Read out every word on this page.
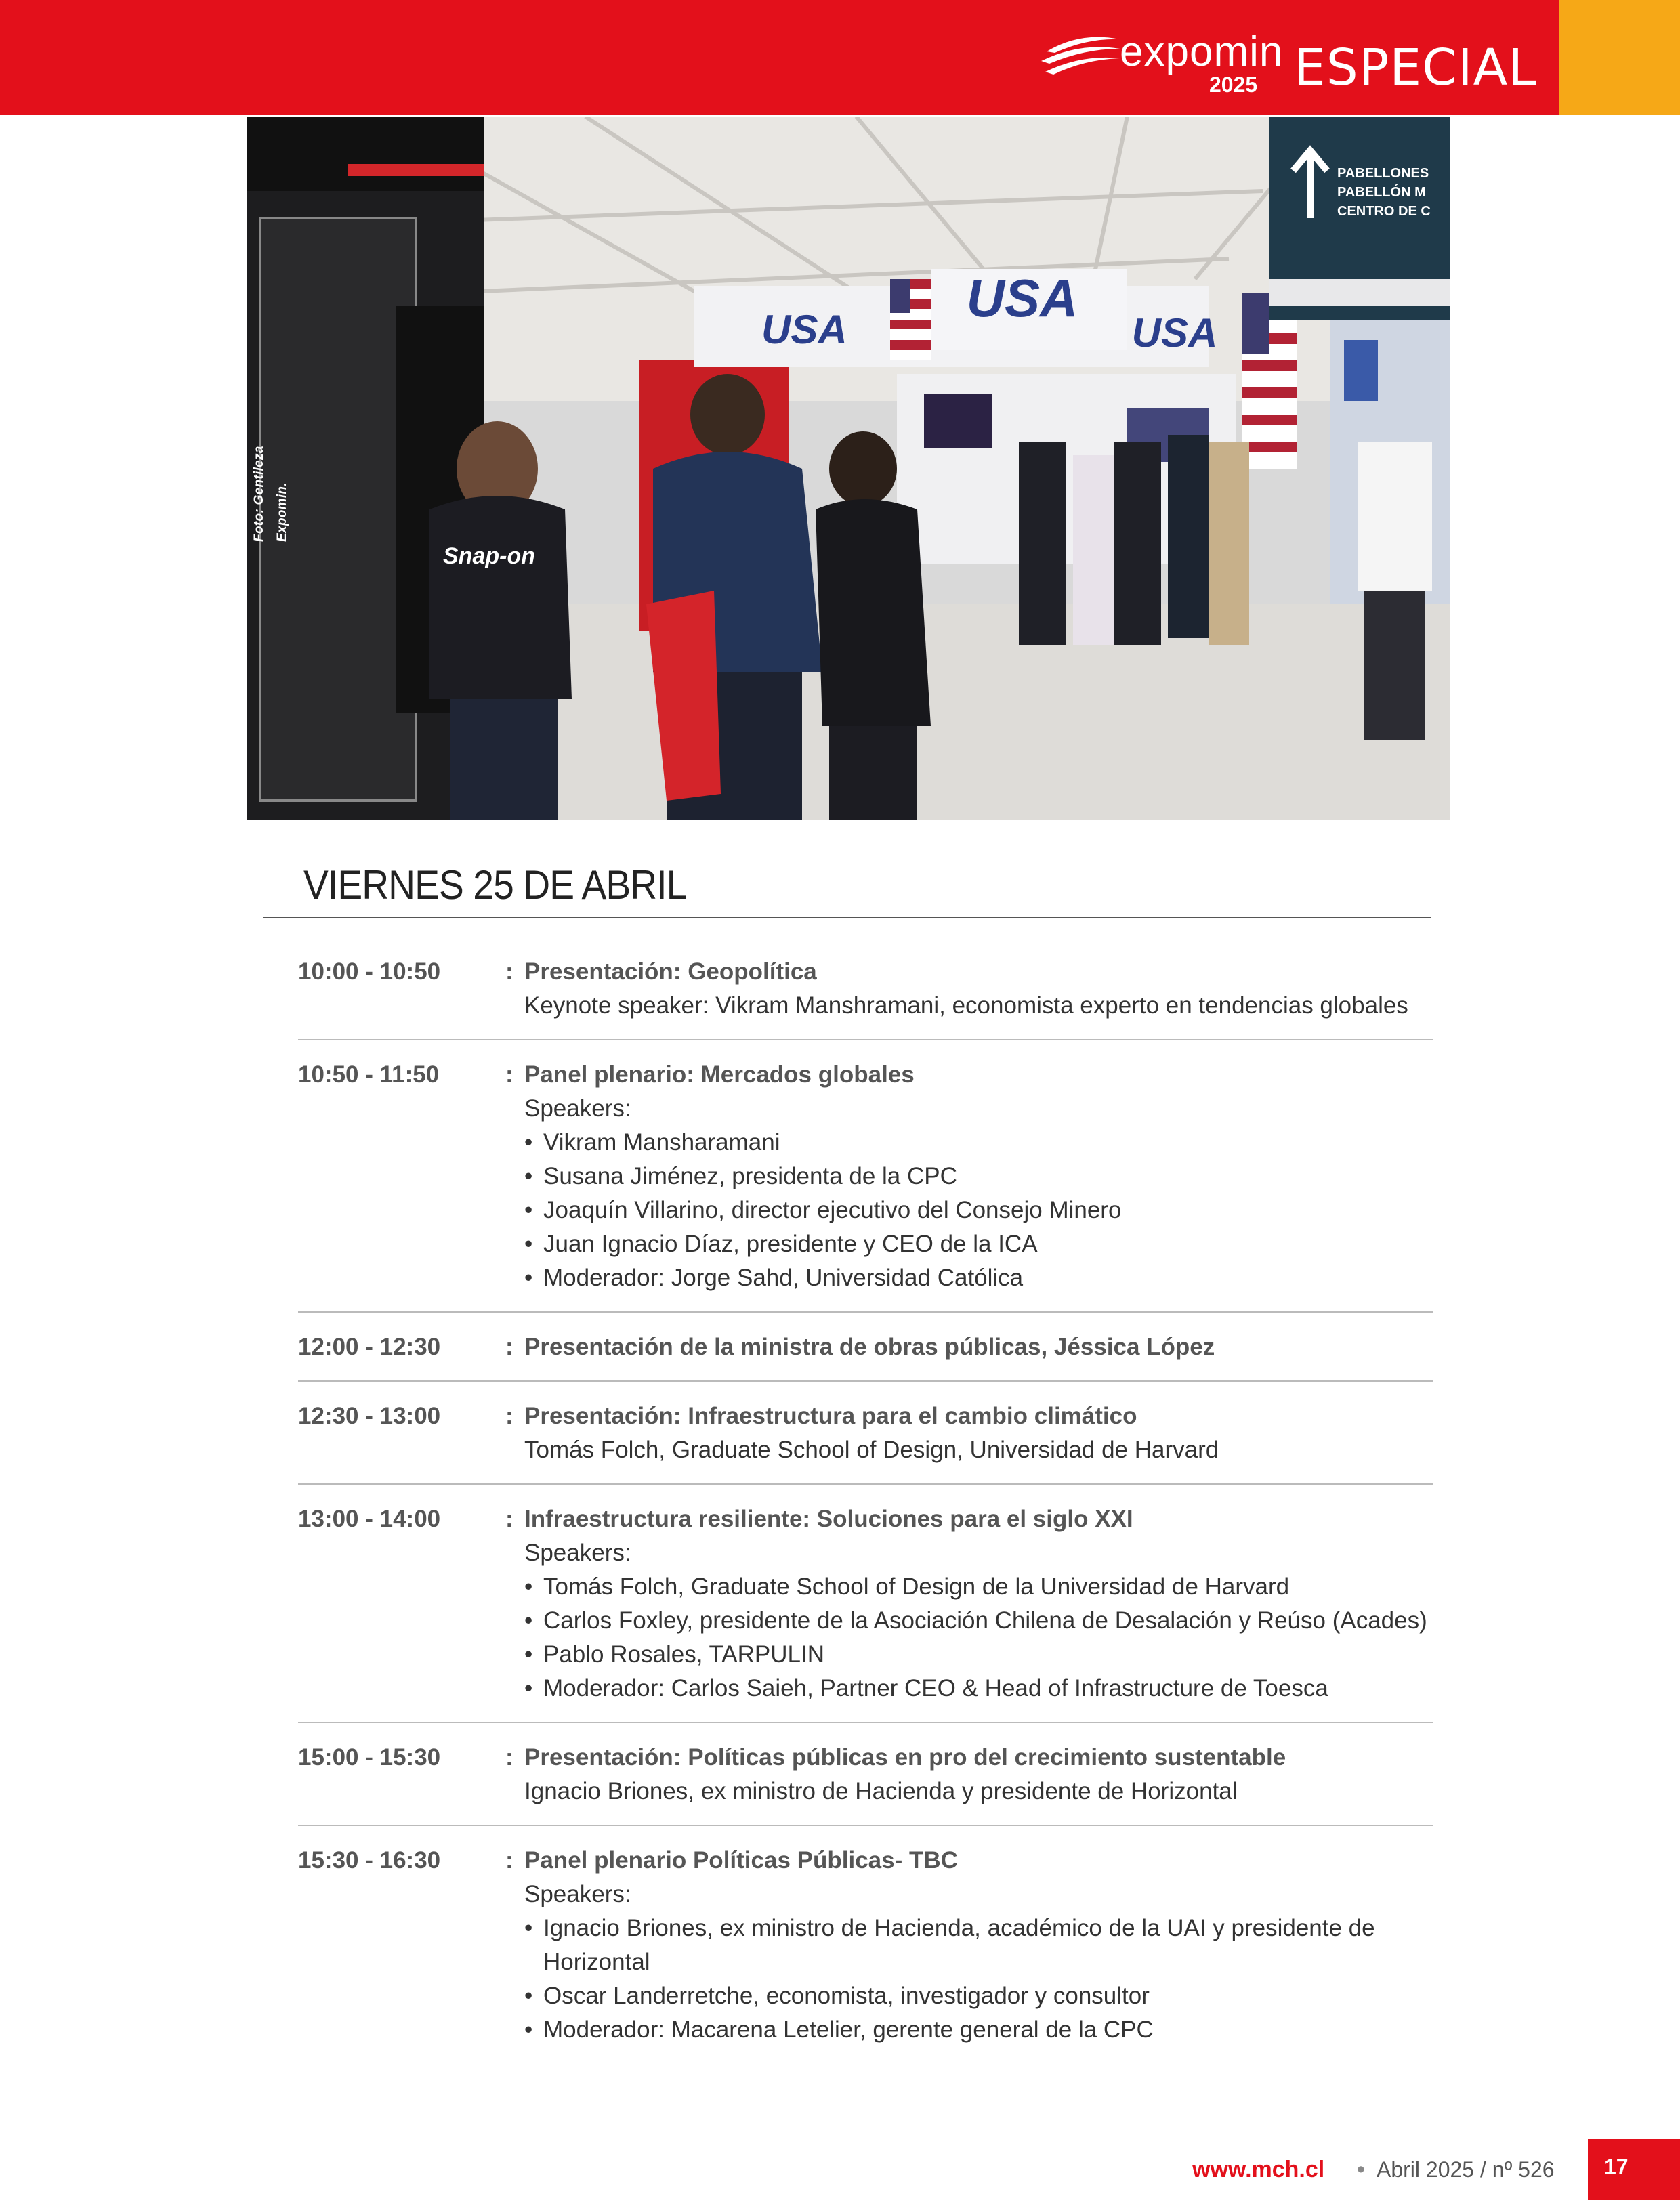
expomin
2025 ESPECIAL
USA
USA
USA
PABELLONES
PABELLÓN M
CENTRO DE C
Snap-on
Foto: Gentileza Expomin.
VIERNES 25 DE ABRIL
10:00 - 10:50	: Presentación: Geopolítica
Keynote speaker: Vikram Manshramani, economista experto en tendencias globales
10:50 - 11:50	: Panel plenario: Mercados globales
Speakers:
• Vikram Mansharamani
• Susana Jiménez, presidenta de la CPC
• Joaquín Villarino, director ejecutivo del Consejo Minero
• Juan Ignacio Díaz, presidente y CEO de la ICA
• Moderador: Jorge Sahd, Universidad Católica
12:00 - 12:30	: Presentación de la ministra de obras públicas, Jéssica López
12:30 - 13:00	: Presentación: Infraestructura para el cambio climático
Tomás Folch, Graduate School of Design, Universidad de Harvard
13:00 - 14:00	: Infraestructura resiliente: Soluciones para el siglo XXI
Speakers:
• Tomás Folch, Graduate School of Design de la Universidad de Harvard
• Carlos Foxley, presidente de la Asociación Chilena de Desalación y Reúso (Acades)
• Pablo Rosales, TARPULIN
• Moderador: Carlos Saieh, Partner CEO & Head of Infrastructure de Toesca
15:00 - 15:30	: Presentación: Políticas públicas en pro del crecimiento sustentable
Ignacio Briones, ex ministro de Hacienda y presidente de Horizontal
15:30 - 16:30	: Panel plenario Políticas Públicas- TBC
Speakers:
• Ignacio Briones, ex ministro de Hacienda, académico de la UAI y presidente de Horizontal
• Oscar Landerretche, economista, investigador y consultor
• Moderador: Macarena Letelier, gerente general de la CPC
www.mch.cl • Abril 2025 / nº 526 17
